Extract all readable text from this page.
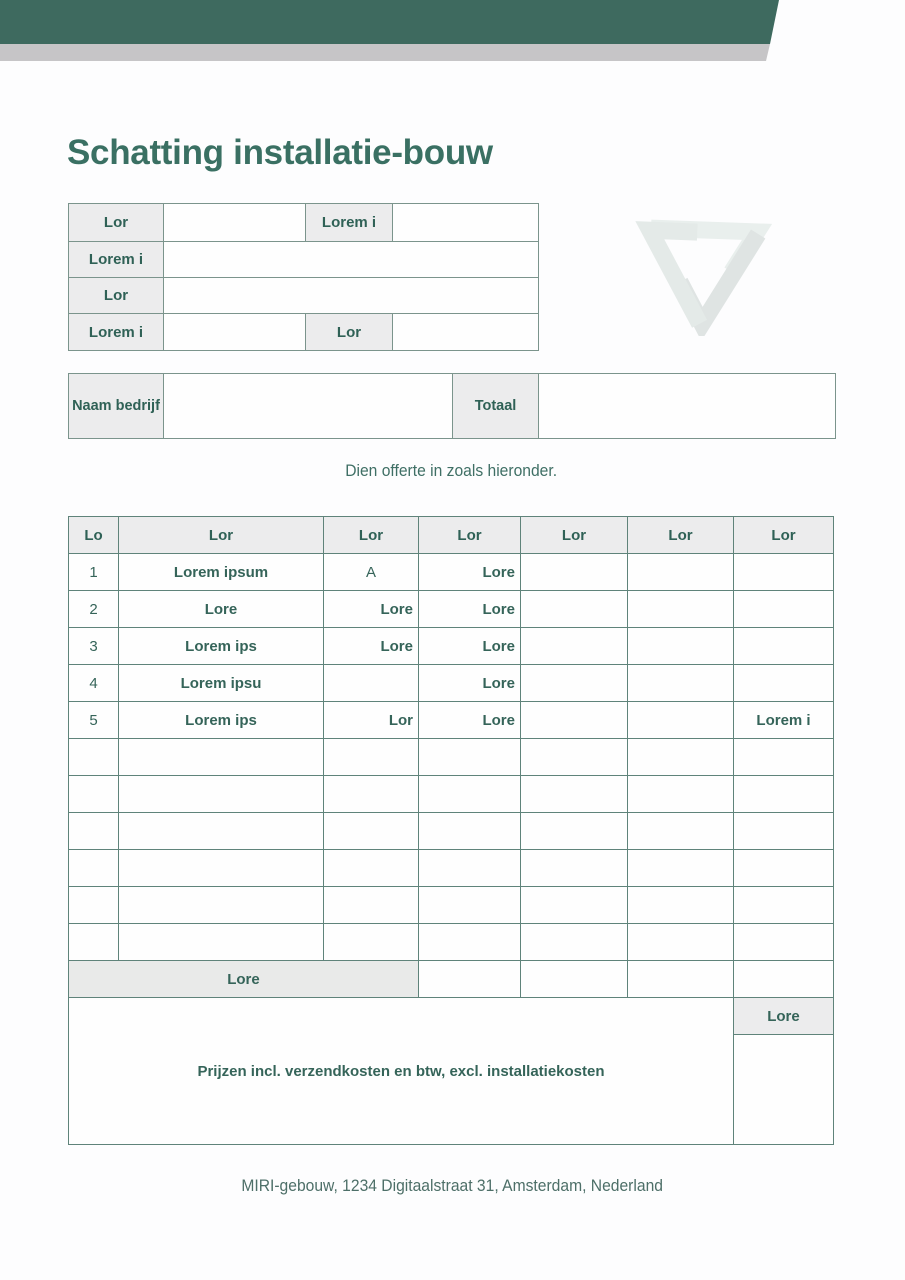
Schatting installatie-bouw
Lor		Lorem i	
Lorem i			
Lor			
Lorem i		Lor	
Naam bedrijf		Totaal	
Dien offerte in zoals hieronder.
Lo	Lor	Lor	Lor	Lor	Lor	Lor
1	Lorem ipsum	A	Lore			
2	Lore	Lore	Lore			
3	Lorem ips	Lore	Lore			
4	Lorem ipsu		Lore			
5	Lorem ips	Lor	Lore			Lorem i

Lore						
Prijzen incl. verzendkosten en btw, excl. installatiekosten						Lore

MIRI-gebouw, 1234 Digitaalstraat 31, Amsterdam, Nederland
